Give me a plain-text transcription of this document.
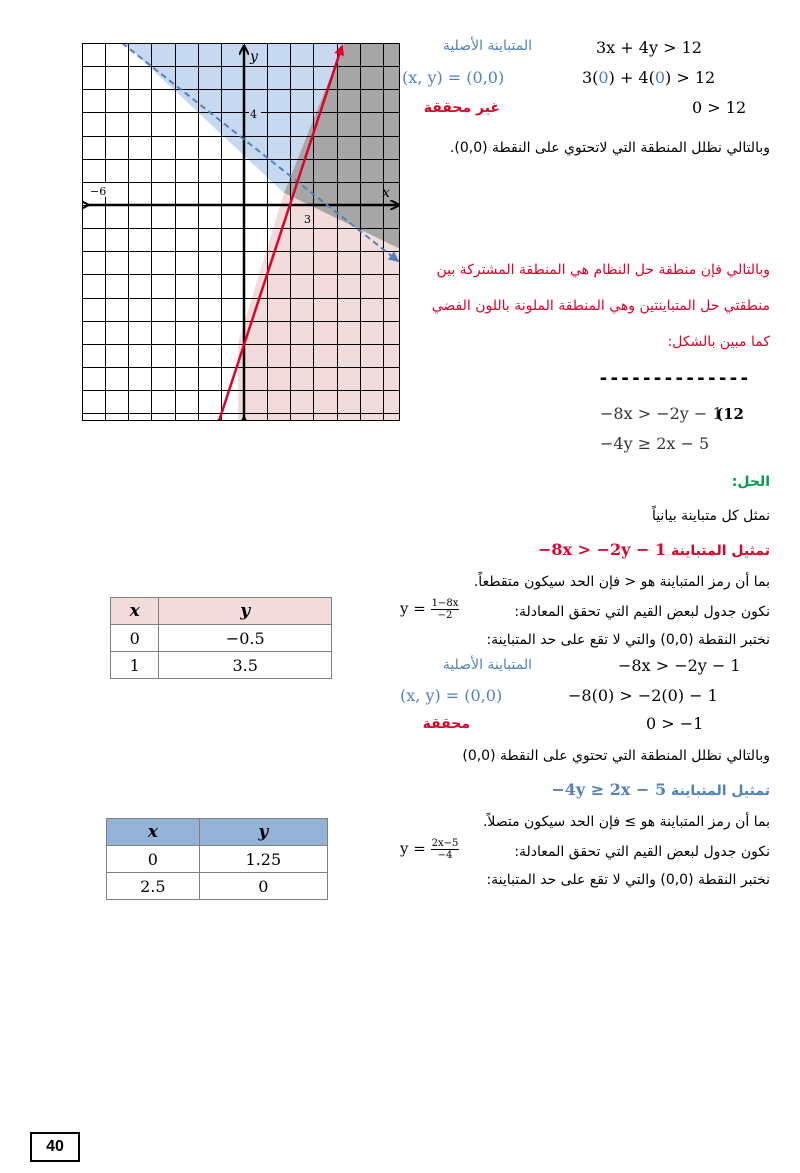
y
x
4
−6
3
3x + 4y > 12
المتباينة الأصلية
(x, y) = (0,0)	3(0) + 4(0) > 12
غير محققة	0 > 12
وبالتالي نظلل المنطقة التي لاتحتوي على النقطة (0,0).
وبالتالي فإن منطقة حل النظام هي المنطقة المشتركة بين
منطقتي حل المتباينتين وهي المنطقة الملونة باللون الفضي
كما مبين بالشكل:
--------------
−8x > −2y − 1
(12
−4y ≥ 2x − 5
الحل:
نمثل كل متباينة بيانياً
تمثيل المتباينة −8x > −2y − 1
بما أن رمز المتباينة هو < فإن الحد سيكون متقطعاً.
نكون جدول لبعض القيم التي تحقق المعادلة:
$y = \frac{1-8x}{-2}$
نختبر النقطة (0,0) والتي لا تقع على حد المتباينة:
المتباينة الأصلية	−8x > −2y − 1
(x, y) = (0,0)	−8(0) > −2(0) − 1
محققة	0 > −1
وبالتالي نظلل المنطقة التي تحتوي على النقطة (0,0)
تمثيل المتباينة −4y ≥ 2x − 5
بما أن رمز المتباينة هو ≥ فإن الحد سيكون متصلاً.
نكون جدول لبعض القيم التي تحقق المعادلة:
$y = \frac{2x-5}{-4}$
نختبر النقطة (0,0) والتي لا تقع على حد المتباينة:
x	y
0	−0.5
1	3.5
x	y
0	1.25
2.5	0
40
